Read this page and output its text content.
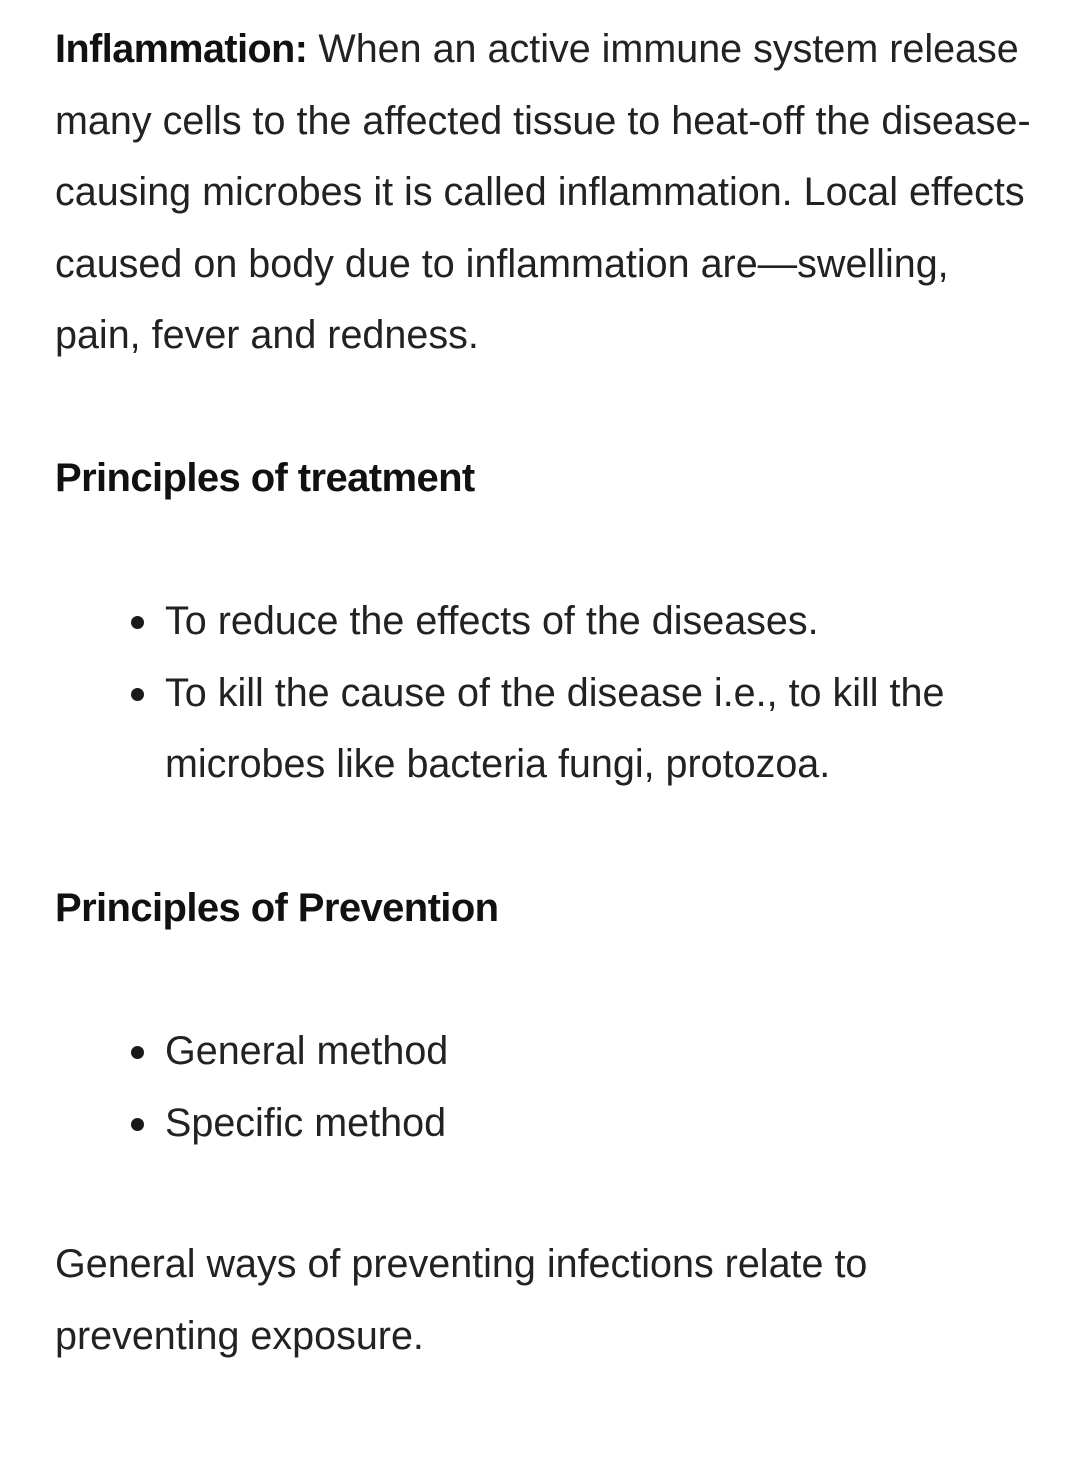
Inflammation: When an active immune system release many cells to the affected tissue to heat-off the disease-causing microbes it is called inflammation. Local effects caused on body due to inflammation are—swelling, pain, fever and redness.

Principles of treatment
To reduce the effects of the diseases.
To kill the cause of the disease i.e., to kill the microbes like bacteria fungi, protozoa.
Principles of Prevention
General method
Specific method

General ways of preventing infections relate to preventing exposure.
